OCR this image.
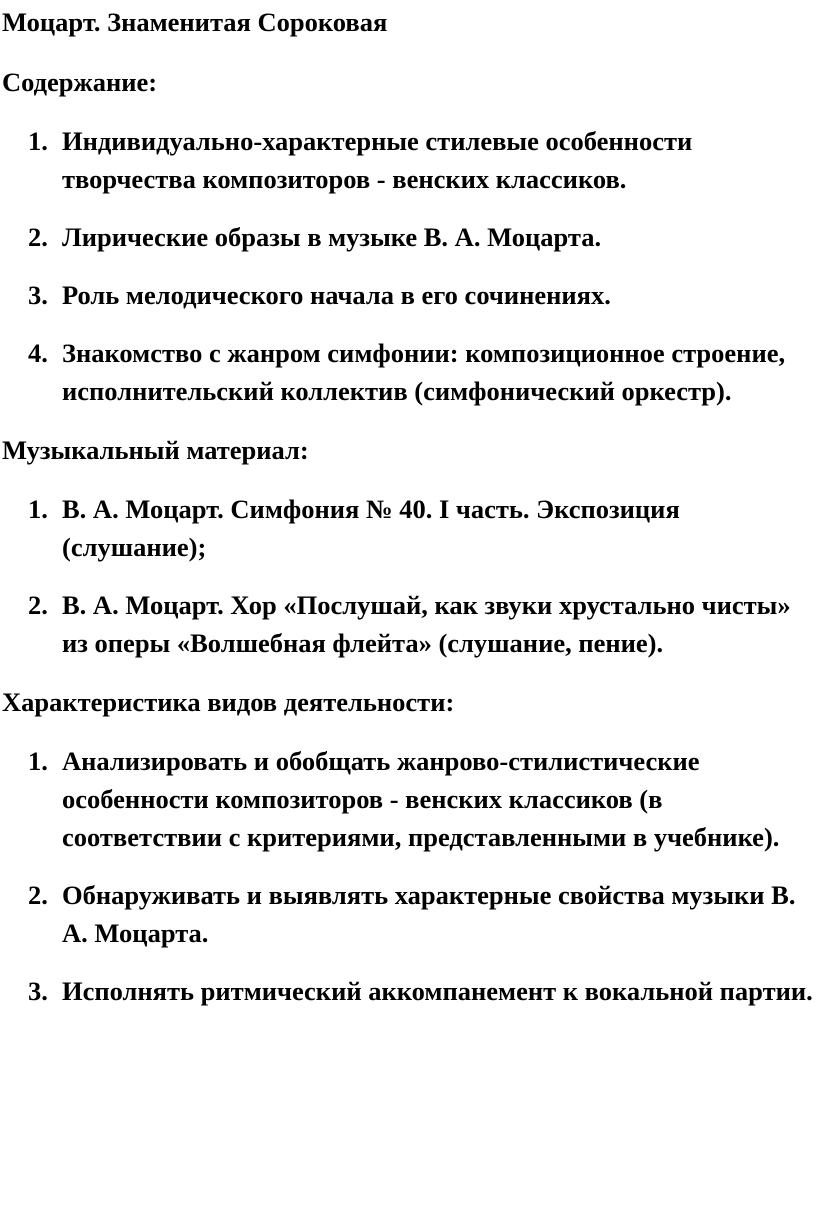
Моцарт. Знаменитая Сороковая

Содержание:

1. Индивидуально-характерные стилевые особенности творчества композиторов - венских классиков.
2. Лирические образы в музыке В. А. Моцарта.
3. Роль мелодического начала в его сочинениях.
4. Знакомство с жанром симфонии: композиционное строение, исполнительский коллектив (симфонический оркестр).

Музыкальный материал:

1. В. А. Моцарт. Симфония № 40. I часть. Экспозиция (слушание);
2. В. А. Моцарт. Хор «Послушай, как звуки хрустально чисты» из оперы «Волшебная флейта» (слушание, пение).

Характеристика видов деятельности:

1. Анализировать и обобщать жанрово-стилистические особенности композиторов - венских классиков (в соответствии с критериями, представленными в учебнике).
2. Обнаруживать и выявлять характерные свойства музыки В. А. Моцарта.
3. Исполнять ритмический аккомпанемент к вокальной партии.
